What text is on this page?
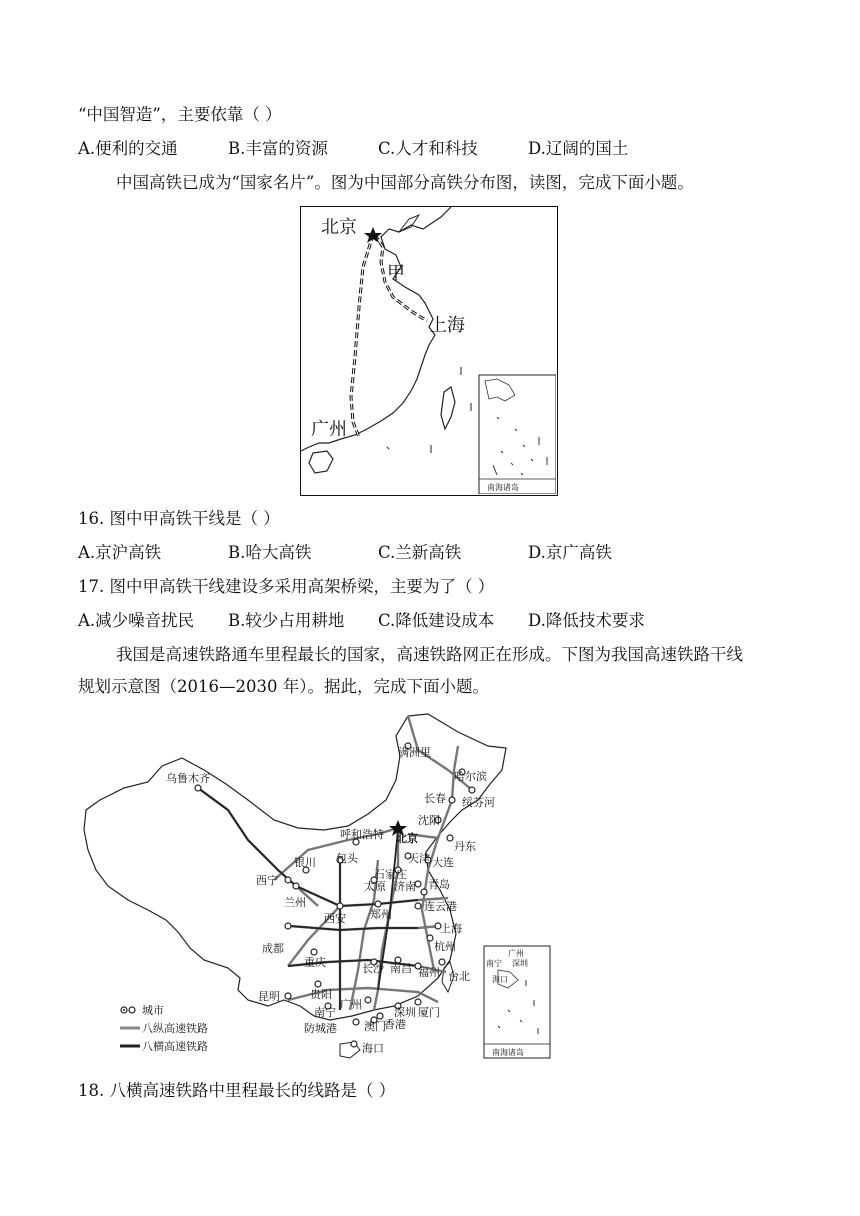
“中国智造”，主要依靠（ ）
A.便利的交通	B.丰富的资源	C.人才和科技	D.辽阔的国土
中国高铁已成为“国家名片”。图为中国部分高铁分布图，读图，完成下面小题。
北京
甲
上海
广州
南海诸岛
16. 图中甲高铁干线是（ ）
A.京沪高铁	B.哈大高铁	C.兰新高铁	D.京广高铁
17. 图中甲高铁干线建设多采用高架桥梁，主要为了（ ）
A.减少噪音扰民 B.较少占用耕地 C.降低建设成本 D.降低技术要求
我国是高速铁路通车里程最长的国家，高速铁路网正在形成。下图为我国高速铁路干线
规划示意图（2016—2030 年）。据此，完成下面小题。
满洲里
哈尔滨
绥芬河
长春
沈阳
丹东
乌鲁木齐
呼和浩特 北京
包头	天津 大连
银川
太原
石家庄
济南 青岛
西宁
兰州
西安 郑州
连云港
上海
杭州
成都
重庆	长沙 南昌 福州 台北
昆明	贵阳
南宁
广州
深圳 厦门
防城港 澳门
香港
海口
城市
八纵高速铁路
八横高速铁路
广州
南宁 深圳
海口
南海诸岛
18. 八横高速铁路中里程最长的线路是（ ）
